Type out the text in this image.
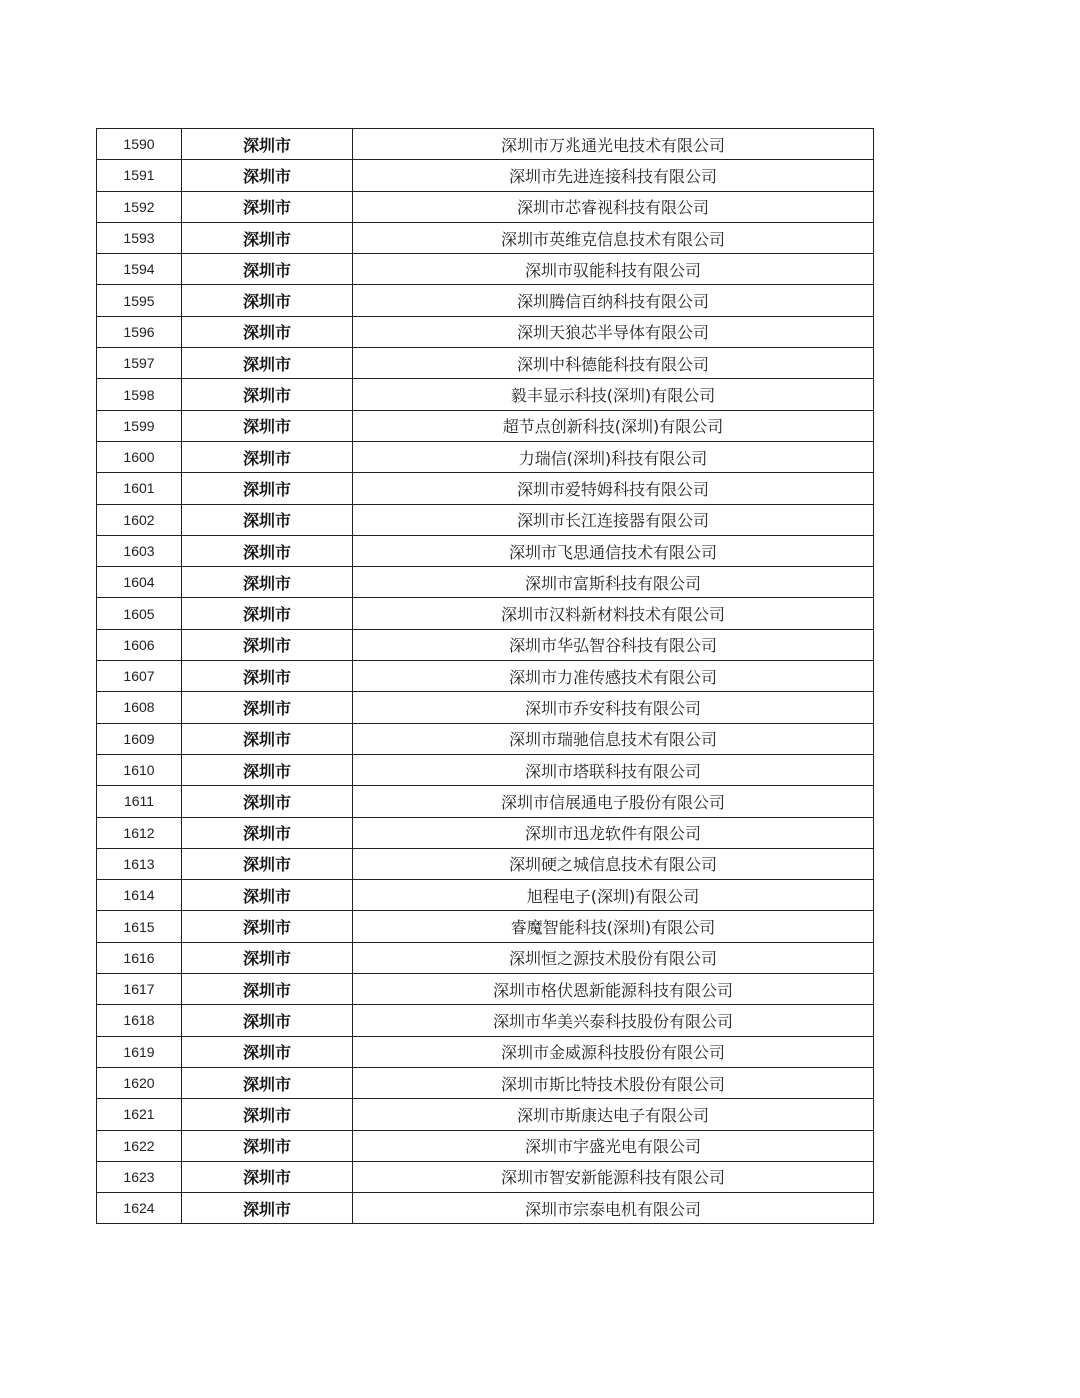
1590	深圳市	深圳市万兆通光电技术有限公司
1591	深圳市	深圳市先进连接科技有限公司
1592	深圳市	深圳市芯睿视科技有限公司
1593	深圳市	深圳市英维克信息技术有限公司
1594	深圳市	深圳市驭能科技有限公司
1595	深圳市	深圳腾信百纳科技有限公司
1596	深圳市	深圳天狼芯半导体有限公司
1597	深圳市	深圳中科德能科技有限公司
1598	深圳市	毅丰显示科技(深圳)有限公司
1599	深圳市	超节点创新科技(深圳)有限公司
1600	深圳市	力瑞信(深圳)科技有限公司
1601	深圳市	深圳市爱特姆科技有限公司
1602	深圳市	深圳市长江连接器有限公司
1603	深圳市	深圳市飞思通信技术有限公司
1604	深圳市	深圳市富斯科技有限公司
1605	深圳市	深圳市汉料新材料技术有限公司
1606	深圳市	深圳市华弘智谷科技有限公司
1607	深圳市	深圳市力准传感技术有限公司
1608	深圳市	深圳市乔安科技有限公司
1609	深圳市	深圳市瑞驰信息技术有限公司
1610	深圳市	深圳市塔联科技有限公司
1611	深圳市	深圳市信展通电子股份有限公司
1612	深圳市	深圳市迅龙软件有限公司
1613	深圳市	深圳硬之城信息技术有限公司
1614	深圳市	旭程电子(深圳)有限公司
1615	深圳市	睿魔智能科技(深圳)有限公司
1616	深圳市	深圳恒之源技术股份有限公司
1617	深圳市	深圳市格伏恩新能源科技有限公司
1618	深圳市	深圳市华美兴泰科技股份有限公司
1619	深圳市	深圳市金威源科技股份有限公司
1620	深圳市	深圳市斯比特技术股份有限公司
1621	深圳市	深圳市斯康达电子有限公司
1622	深圳市	深圳市宇盛光电有限公司
1623	深圳市	深圳市智安新能源科技有限公司
1624	深圳市	深圳市宗泰电机有限公司
